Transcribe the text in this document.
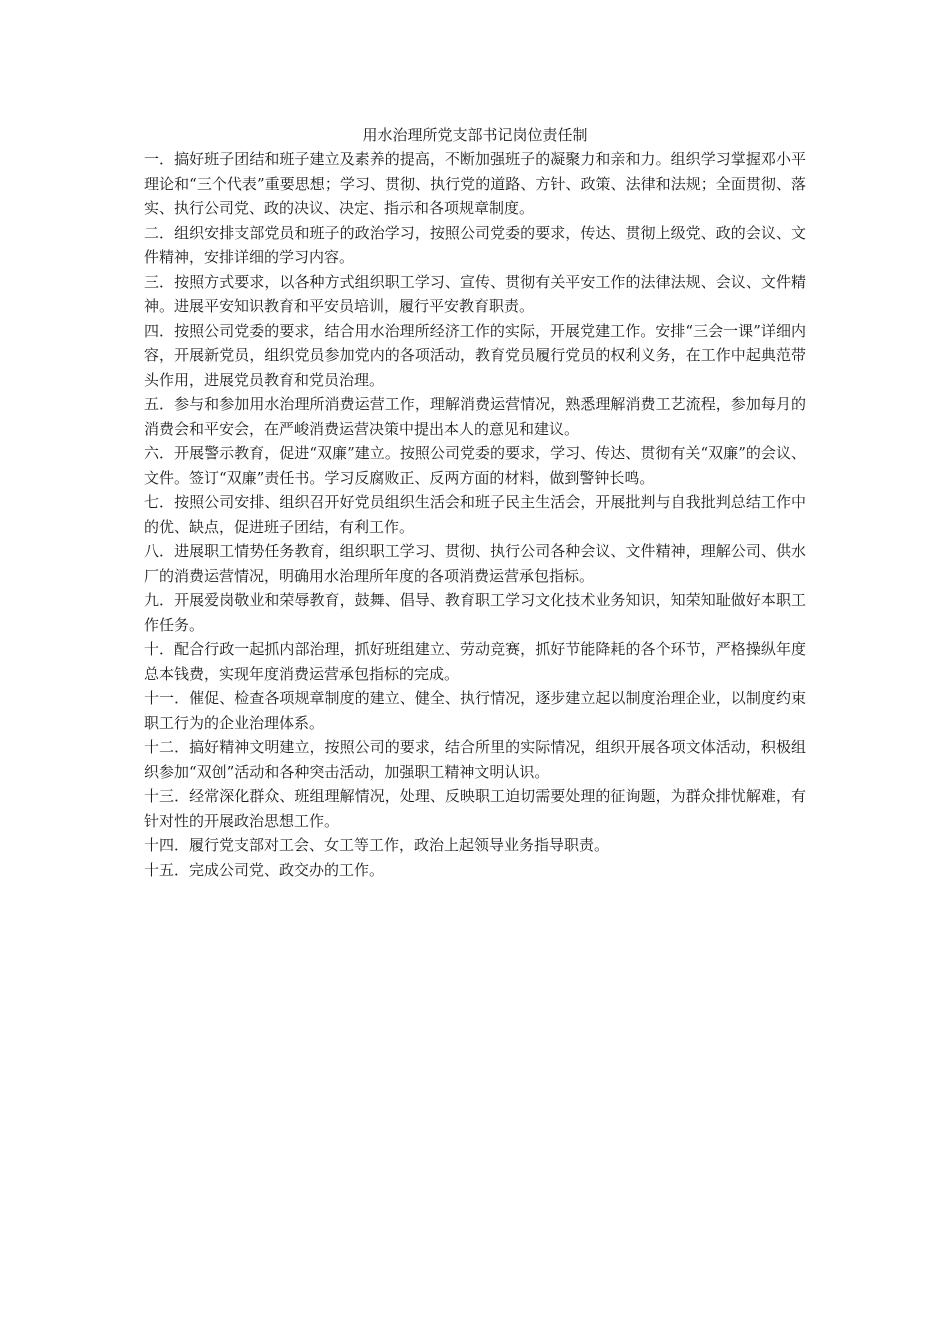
用水治理所党支部书记岗位责任制
一．搞好班子团结和班子建立及素养的提高，不断加强班子的凝聚力和亲和力。组织学习掌握邓小平理论和“三个代表”重要思想；学习、贯彻、执行党的道路、方针、政策、法律和法规；全面贯彻、落实、执行公司党、政的决议、决定、指示和各项规章制度。
二．组织安排支部党员和班子的政治学习，按照公司党委的要求，传达、贯彻上级党、政的会议、文件精神，安排详细的学习内容。
三．按照方式要求，以各种方式组织职工学习、宣传、贯彻有关平安工作的法律法规、会议、文件精神。进展平安知识教育和平安员培训，履行平安教育职责。
四．按照公司党委的要求，结合用水治理所经济工作的实际，开展党建工作。安排“三会一课”详细内容，开展新党员，组织党员参加党内的各项活动，教育党员履行党员的权利义务，在工作中起典范带头作用，进展党员教育和党员治理。
五．参与和参加用水治理所消费运营工作，理解消费运营情况，熟悉理解消费工艺流程，参加每月的消费会和平安会，在严峻消费运营决策中提出本人的意见和建议。
六．开展警示教育，促进“双廉”建立。按照公司党委的要求，学习、传达、贯彻有关“双廉”的会议、文件。签订“双廉”责任书。学习反腐败正、反两方面的材料，做到警钟长鸣。
七．按照公司安排、组织召开好党员组织生活会和班子民主生活会，开展批判与自我批判总结工作中的优、缺点，促进班子团结，有利工作。
八．进展职工情势任务教育，组织职工学习、贯彻、执行公司各种会议、文件精神，理解公司、供水厂的消费运营情况，明确用水治理所年度的各项消费运营承包指标。
九．开展爱岗敬业和荣辱教育，鼓舞、倡导、教育职工学习文化技术业务知识，知荣知耻做好本职工作任务。
十．配合行政一起抓内部治理，抓好班组建立、劳动竞赛，抓好节能降耗的各个环节，严格操纵年度总本钱费，实现年度消费运营承包指标的完成。
十一．催促、检查各项规章制度的建立、健全、执行情况，逐步建立起以制度治理企业，以制度约束职工行为的企业治理体系。
十二．搞好精神文明建立，按照公司的要求，结合所里的实际情况，组织开展各项文体活动，积极组织参加“双创”活动和各种突击活动，加强职工精神文明认识。
十三．经常深化群众、班组理解情况，处理、反映职工迫切需要处理的征询题，为群众排忧解难，有针对性的开展政治思想工作。
十四．履行党支部对工会、女工等工作，政治上起领导业务指导职责。
十五．完成公司党、政交办的工作。
